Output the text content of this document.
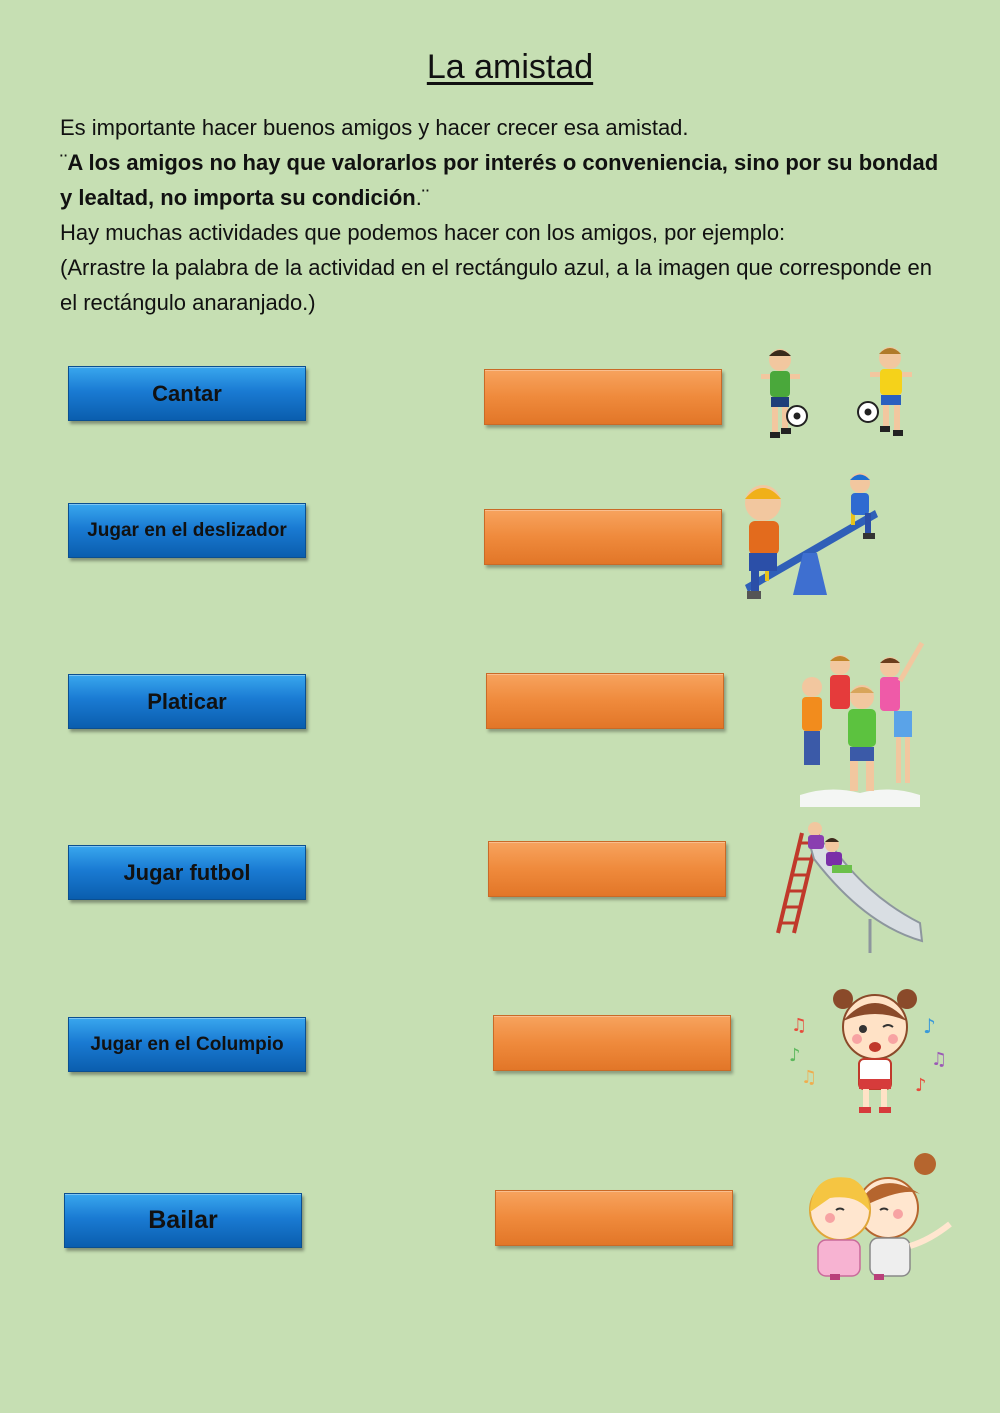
La amistad

Es importante hacer buenos amigos y hacer crecer esa amistad.

¨A los amigos no hay que valorarlos por interés o conveniencia, sino por su bondad y lealtad, no importa su condición.¨

Hay muchas actividades que podemos hacer con los amigos, por ejemplo:

(Arrastre la palabra de la actividad en el rectángulo azul, a la imagen que corresponde en el rectángulo anaranjado.)

Cantar
Jugar en el deslizador
Platicar
Jugar futbol
Jugar en el Columpio
Bailar
♫
♪
♫
♪
♫
♪
